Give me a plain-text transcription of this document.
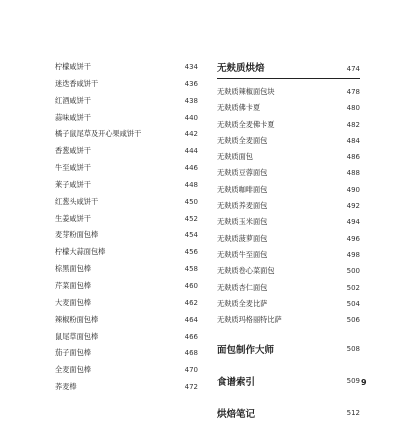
柠檬咸饼干	434
迷迭香咸饼干	436
红酒咸饼干	438
蒜味咸饼干	440
橘子鼠尾草及开心果咸饼干	442
香葱咸饼干	444
牛至咸饼干	446
莱子咸饼干	448
红葱头咸饼干	450
生姜咸饼干	452
麦芽粉面包棒	454
柠檬大蒜面包棒	456
棕黑面包棒	458
芹菜面包棒	460
大麦面包棒	462
辣椒粉面包棒	464
鼠尾草面包棒	466
茄子面包棒	468
全麦面包棒	470
荞麦棒	472
无麸质烘焙	474
无麸质辣椒面包块	478
无麸质佛卡夏	480
无麸质全麦佛卡夏	482
无麸质全麦面包	484
无麸质面包	486
无麸质豆蓉面包	488
无麸质咖啡面包	490
无麸质养麦面包	492
无麸质玉米面包	494
无麸质菠萝面包	496
无麸质牛至面包	498
无麸质卷心菜面包	500
无麸质杏仁面包	502
无麸质全麦比萨	504
无麸质玛格丽特比萨	506
面包制作大师	508
食谱索引	509
烘焙笔记	512
9
